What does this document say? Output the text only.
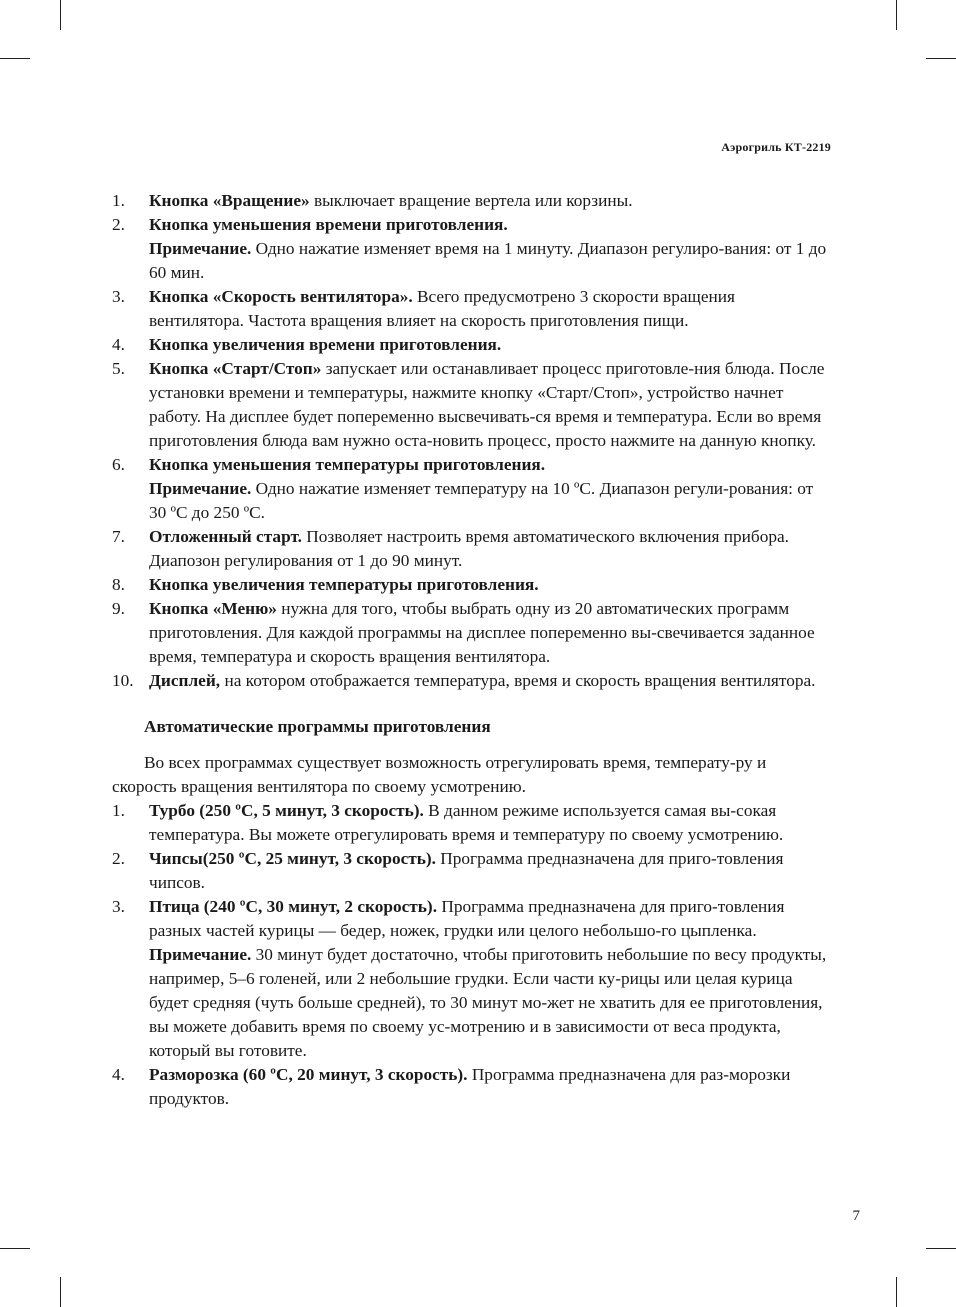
Аэрогриль КТ-2219
1.	Кнопка «Вращение» выключает вращение вертела или корзины.

2.	Кнопка уменьшения времени приготовления.

Примечание. Одно нажатие изменяет время на 1 минуту. Диапазон регулиро-вания: от 1 до 60 мин.

3.	Кнопка «Скорость вентилятора». Всего предусмотрено 3 скорости вращения вентилятора. Частота вращения влияет на скорость приготовления пищи.

4.	Кнопка увеличения времени приготовления.

5.	Кнопка «Старт/Стоп» запускает или останавливает процесс приготовле-ния блюда. После установки времени и температуры, нажмите кнопку «Старт/Стоп», устройство начнет работу. На дисплее будет попеременно высвечивать-ся время и температура. Если во время приготовления блюда вам нужно оста-новить процесс, просто нажмите на данную кнопку.

6.	Кнопка уменьшения температуры приготовления.

Примечание. Одно нажатие изменяет температуру на 10 ºС. Диапазон регули-рования: от 30 ºС до 250 ºС.

7.	Отложенный старт. Позволяет настроить время автоматического включения прибора. Диапозон регулирования от 1 до 90 минут.

8.	Кнопка увеличения температуры приготовления.

9.	Кнопка «Меню» нужна для того, чтобы выбрать одну из 20 автоматических программ приготовления. Для каждой программы на дисплее попеременно вы-свечивается заданное время, температура и скорость вращения вентилятора.

10. Дисплей, на котором отображается температура, время и скорость вращения вентилятора.

Автоматические программы приготовления

Во всех программах существует возможность отрегулировать время, температу-ру и скорость вращения вентилятора по своему усмотрению.

1.	Турбо (250 ºС, 5 минут, 3 скорость). В данном режиме используется самая вы-сокая температура. Вы можете отрегулировать время и температуру по своему усмотрению.

2.	Чипсы(250 ºС, 25 минут, 3 скорость). Программа предназначена для приго-товления чипсов.

3.	Птица (240 ºС, 30 минут, 2 скорость). Программа предназначена для приго-товления разных частей курицы — бедер, ножек, грудки или целого небольшо-го цыпленка.

Примечание. 30 минут будет достаточно, чтобы приготовить небольшие по весу продукты, например, 5–6 голеней, или 2 небольшие грудки. Если части ку-рицы или целая курица будет средняя (чуть больше средней), то 30 минут мо-жет не хватить для ее приготовления, вы можете добавить время по своему ус-мотрению и в зависимости от веса продукта, который вы готовите.

4.	Разморозка (60 ºС, 20 минут, 3 скорость). Программа предназначена для раз-морозки продуктов.

7
